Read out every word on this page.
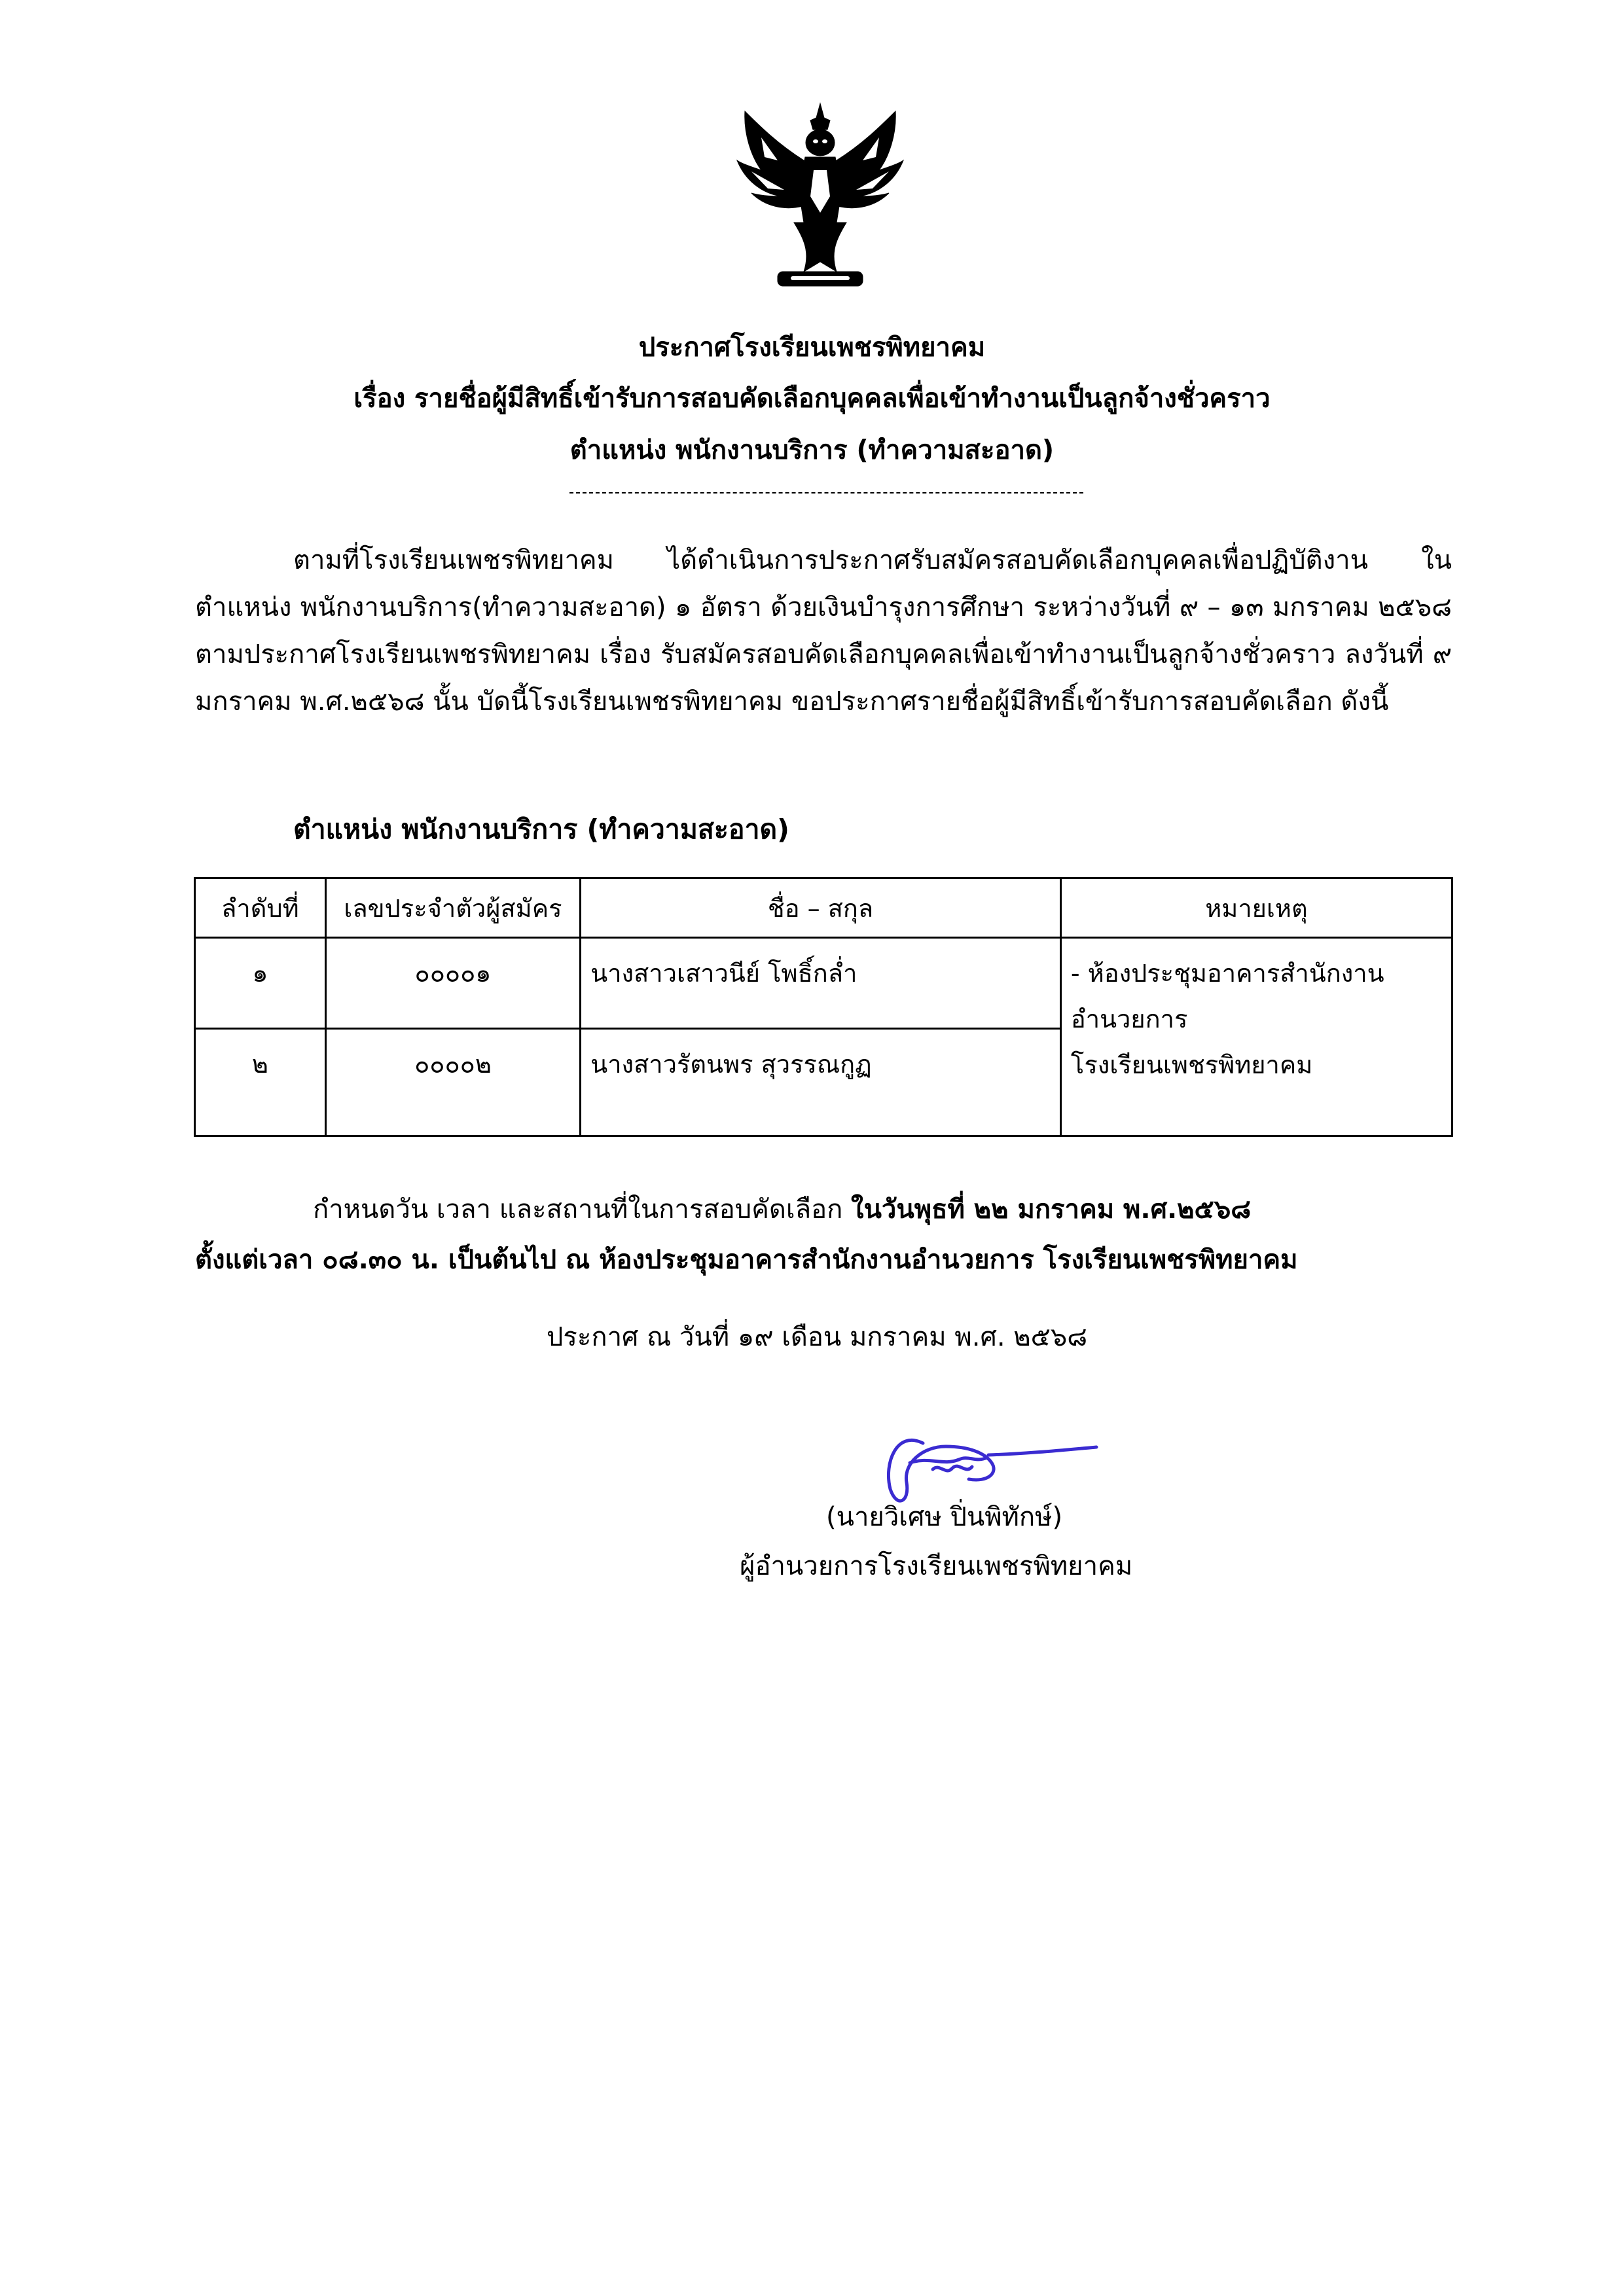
ประกาศโรงเรียนเพชรพิทยาคม
เรื่อง รายชื่อผู้มีสิทธิ์เข้ารับการสอบคัดเลือกบุคคลเพื่อเข้าทำงานเป็นลูกจ้างชั่วคราว
ตำแหน่ง พนักงานบริการ (ทำความสะอาด)

ตามที่โรงเรียนเพชรพิทยาคม ได้ดำเนินการประกาศรับสมัครสอบคัดเลือกบุคคลเพื่อปฏิบัติงาน ในตำแหน่ง พนักงานบริการ(ทำความสะอาด) ๑ อัตรา ด้วยเงินบำรุงการศึกษา ระหว่างวันที่ ๙ – ๑๓ มกราคม ๒๕๖๘ ตามประกาศโรงเรียนเพชรพิทยาคม เรื่อง รับสมัครสอบคัดเลือกบุคคลเพื่อเข้าทำงานเป็นลูกจ้างชั่วคราว ลงวันที่ ๙ มกราคม พ.ศ.๒๕๖๘ นั้น บัดนี้โรงเรียนเพชรพิทยาคม ขอประกาศรายชื่อผู้มีสิทธิ์เข้ารับการสอบคัดเลือก ดังนี้

ตำแหน่ง พนักงานบริการ (ทำความสะอาด)
ลำดับที่	เลขประจำตัวผู้สมัคร	ชื่อ – สกุล	หมายเหตุ
๑	๐๐๐๐๑	นางสาวเสาวนีย์ โพธิ์กล่ำ	- ห้องประชุมอาคารสำนักงาน
อำนวยการ
โรงเรียนเพชรพิทยาคม

๒	๐๐๐๐๒	นางสาวรัตนพร สุวรรณกูฏ	
กำหนดวัน เวลา และสถานที่ในการสอบคัดเลือก ในวันพุธที่ ๒๒ มกราคม พ.ศ.๒๕๖๘
ตั้งแต่เวลา ๐๘.๓๐ น. เป็นต้นไป ณ ห้องประชุมอาคารสำนักงานอำนวยการ โรงเรียนเพชรพิทยาคม
ประกาศ ณ วันที่ ๑๙ เดือน มกราคม พ.ศ. ๒๕๖๘
(นายวิเศษ ปิ่นพิทักษ์)
ผู้อำนวยการโรงเรียนเพชรพิทยาคม
